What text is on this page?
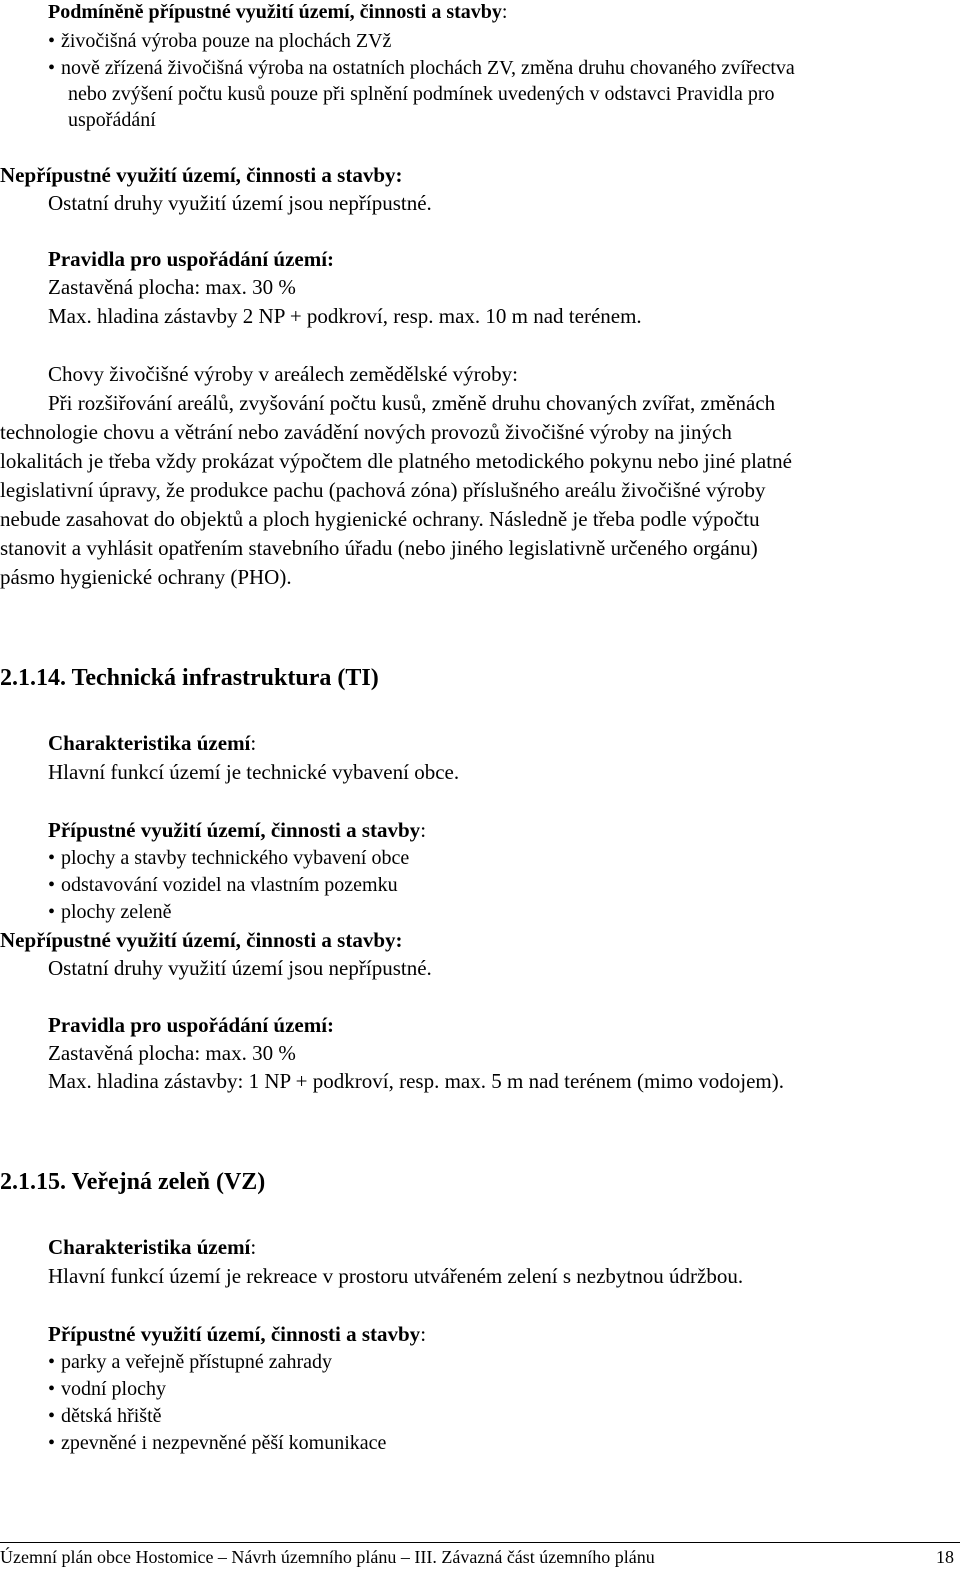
Podmíněně přípustné využití území, činnosti a stavby:
• živočišná výroba pouze na plochách ZVž
• nově zřízená živočišná výroba na ostatních plochách ZV, změna druhu chovaného zvířectva
nebo zvýšení počtu kusů pouze při splnění podmínek uvedených v odstavci Pravidla pro
uspořádání
Nepřípustné využití území, činnosti a stavby:
Ostatní druhy využití území jsou nepřípustné.
Pravidla pro uspořádání území:
Zastavěná plocha: max. 30 %
Max. hladina zástavby 2 NP + podkroví, resp. max. 10 m nad terénem.
Chovy živočišné výroby v areálech zemědělské výroby:
Při rozšiřování areálů, zvyšování počtu kusů, změně druhu chovaných zvířat, změnách
technologie chovu a větrání nebo zavádění nových provozů živočišné výroby na jiných
lokalitách je třeba vždy prokázat výpočtem dle platného metodického pokynu nebo jiné platné
legislativní úpravy, že produkce pachu (pachová zóna) příslušného areálu živočišné výroby
nebude zasahovat do objektů a ploch hygienické ochrany. Následně je třeba podle výpočtu
stanovit a vyhlásit opatřením stavebního úřadu (nebo jiného legislativně určeného orgánu)
pásmo hygienické ochrany (PHO).
2.1.14. Technická infrastruktura (TI)
Charakteristika území:
Hlavní funkcí území je technické vybavení obce.
Přípustné využití území, činnosti a stavby:
• plochy a stavby technického vybavení obce
• odstavování vozidel na vlastním pozemku
• plochy zeleně
Nepřípustné využití území, činnosti a stavby:
Ostatní druhy využití území jsou nepřípustné.
Pravidla pro uspořádání území:
Zastavěná plocha: max. 30 %
Max. hladina zástavby: 1 NP + podkroví, resp. max. 5 m nad terénem (mimo vodojem).
2.1.15. Veřejná zeleň (VZ)
Charakteristika území:
Hlavní funkcí území je rekreace v prostoru utvářeném zelení s nezbytnou údržbou.
Přípustné využití území, činnosti a stavby:
• parky a veřejně přístupné zahrady
• vodní plochy
• dětská hřiště
• zpevněné i nezpevněné pěší komunikace
Územní plán obce Hostomice – Návrh územního plánu – III. Závazná část územního plánu	18
